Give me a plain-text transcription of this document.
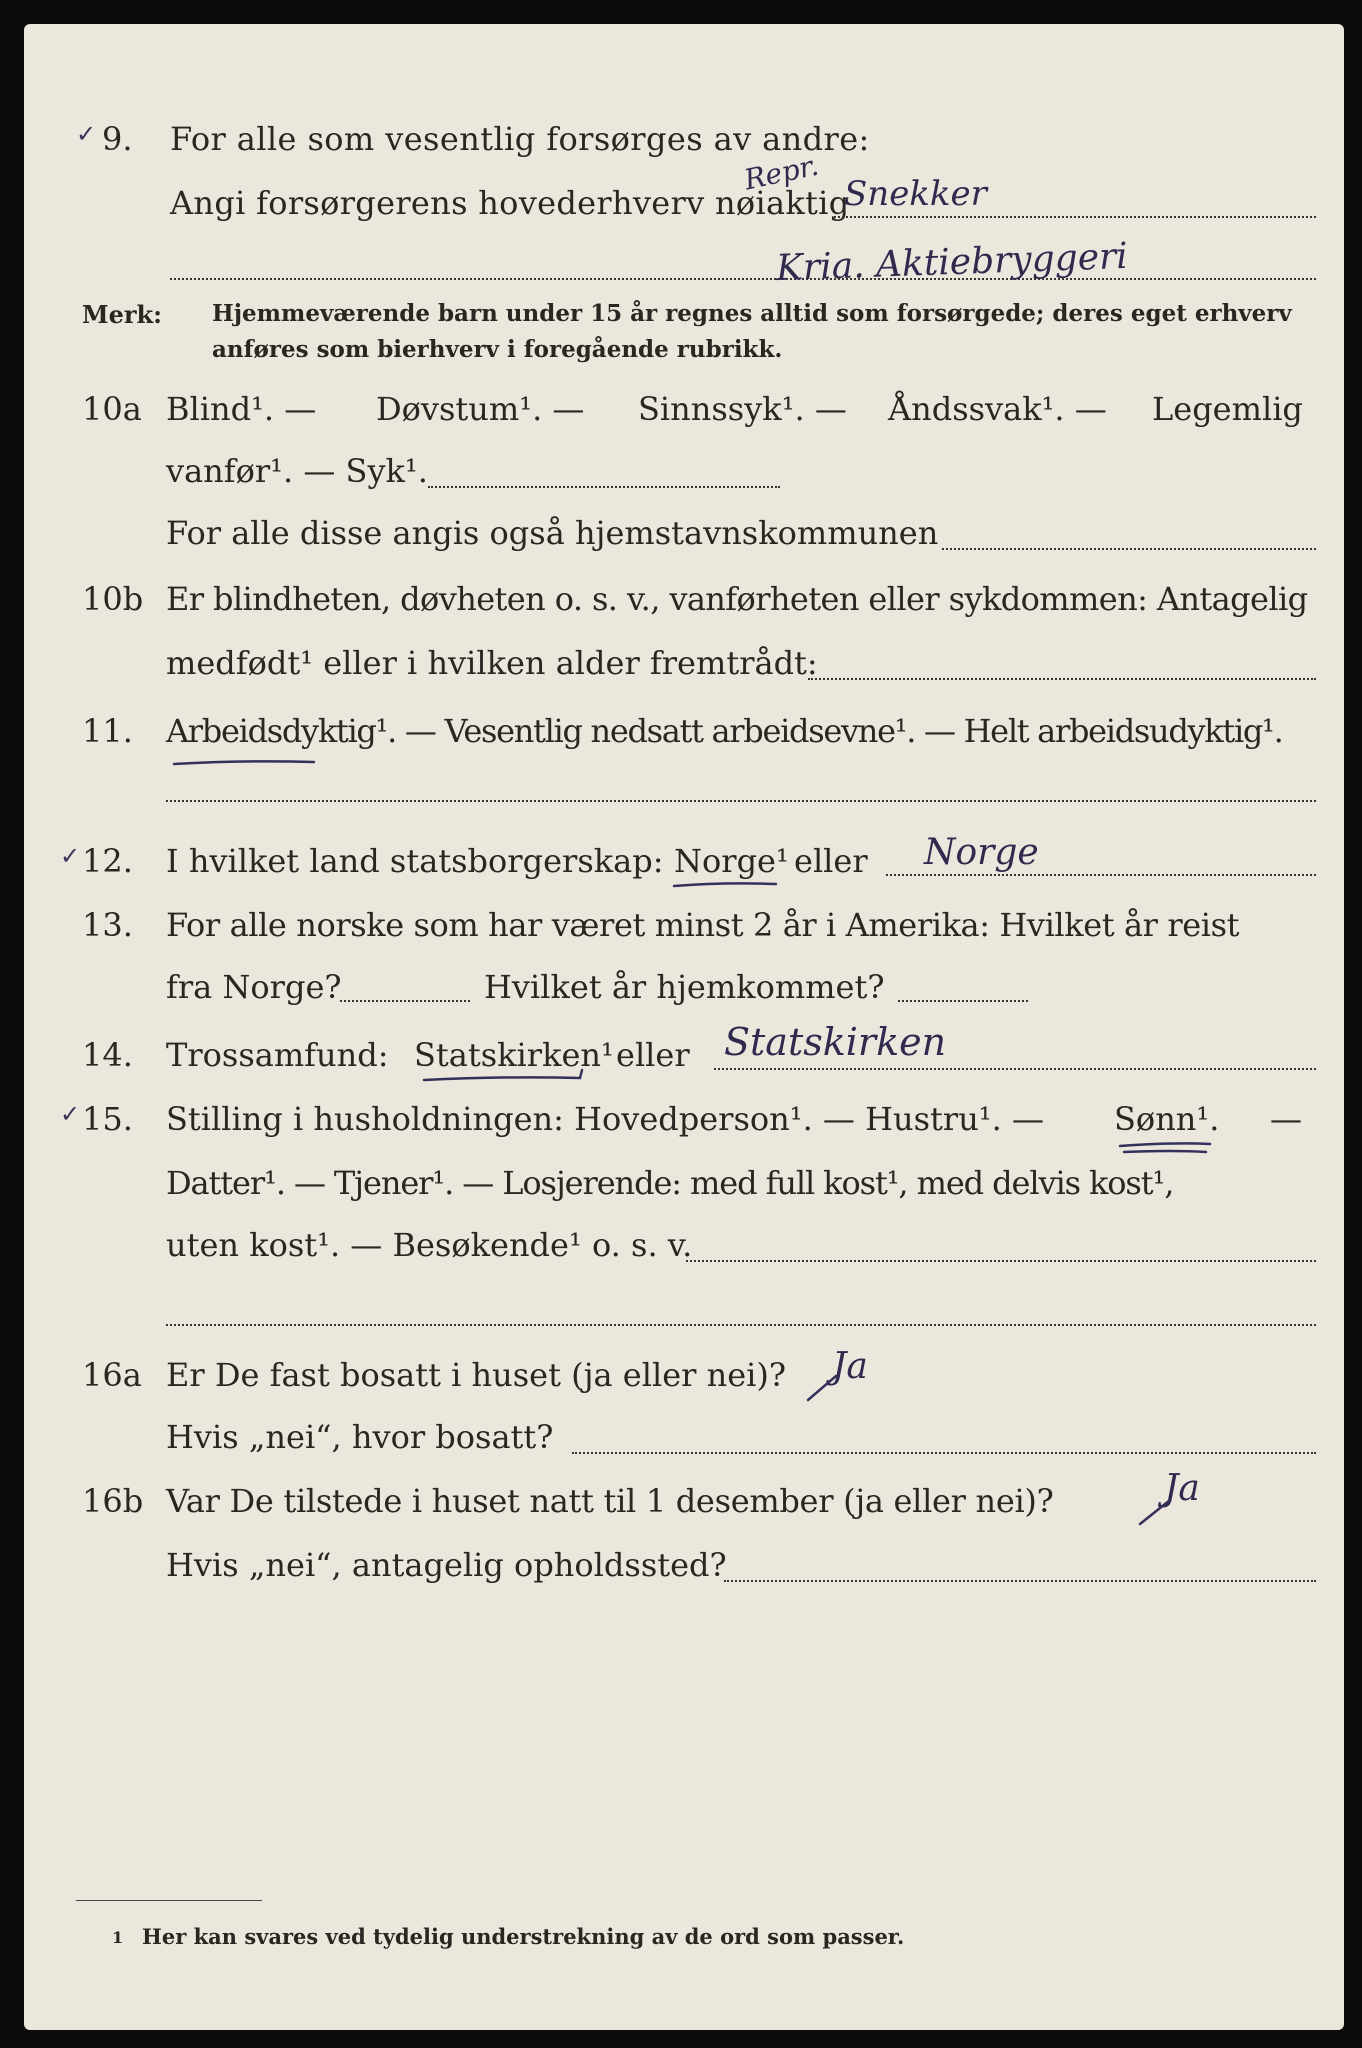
✓ 9. For alle som vesentlig forsørges av andre:
Repr.
Angi forsørgerens hovederhverv nøiaktig
Snekker
Kria. Aktiebryggeri
Merk: Hjemmeværende barn under 15 år regnes alltid som forsørgede; deres eget erhverv
anføres som bierhverv i foregående rubrikk.
10a Blind¹. — Døvstum¹. — Sinnssyk¹. — Åndssvak¹. — Legemlig
vanfør¹. — Syk¹.
For alle disse angis også hjemstavnskommunen
10b Er blindheten, døvheten o. s. v., vanførheten eller sykdommen: Antagelig
medfødt¹ eller i hvilken alder fremtrådt:
11. Arbeidsdyktig¹. — Vesentlig nedsatt arbeidsevne¹. — Helt arbeidsudyktig¹.
✓ 12. I hvilket land statsborgerskap: Norge¹ eller Norge
13. For alle norske som har været minst 2 år i Amerika: Hvilket år reist
fra Norge?	Hvilket år hjemkommet?
14. Trossamfund: Statskirken¹ eller Statskirken
✓ 15. Stilling i husholdningen: Hovedperson¹. — Hustru¹. — Sønn¹. —
Datter¹. — Tjener¹. — Losjerende: med full kost¹, med delvis kost¹,
uten kost¹. — Besøkende¹ o. s. v.
16a Er De fast bosatt i huset (ja eller nei)? Ja
Hvis „nei“, hvor bosatt?
16b Var De tilstede i huset natt til 1 desember (ja eller nei)?	Ja
Hvis „nei“, antagelig opholdssted?
1 Her kan svares ved tydelig understrekning av de ord som passer.
